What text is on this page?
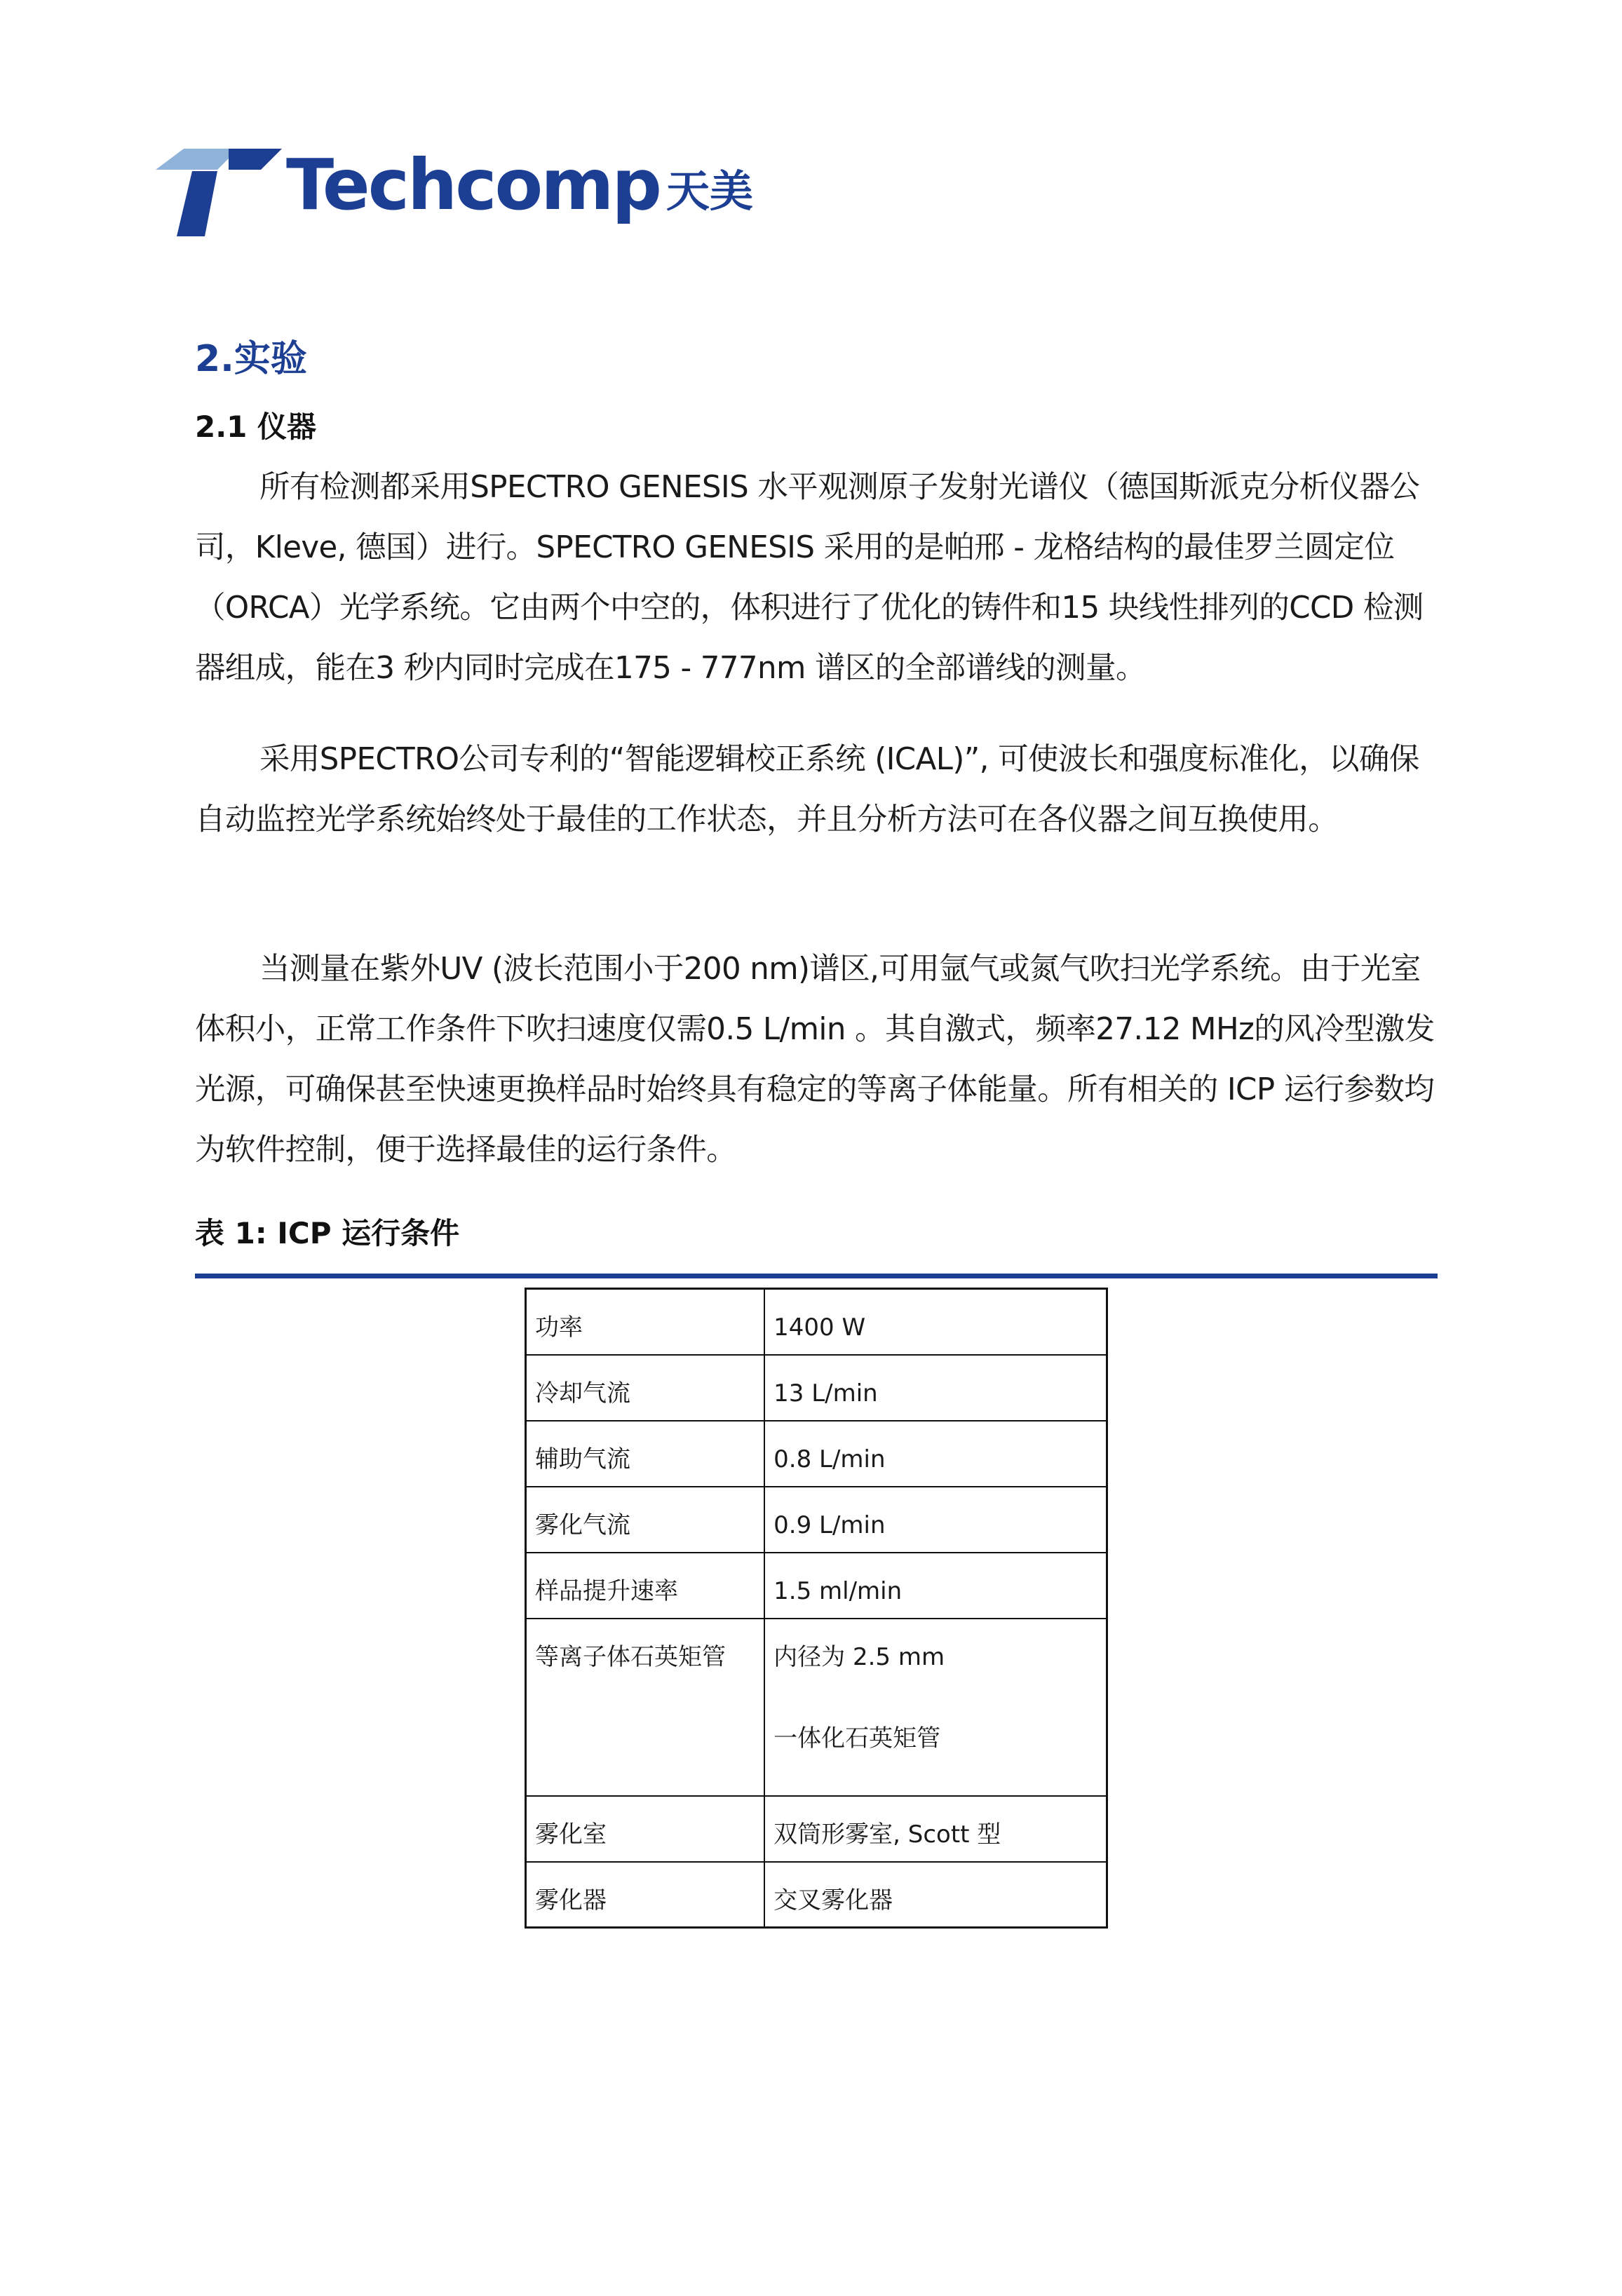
Techcomp 天美
2.实验
2.1 仪器

所有检测都采用SPECTRO GENESIS 水平观测原子发射光谱仪（德国斯派克分析仪器公司，Kleve, 德国）进行。SPECTRO GENESIS 采用的是帕邢 - 龙格结构的最佳罗兰圆定位（ORCA）光学系统。它由两个中空的，体积进行了优化的铸件和15 块线性排列的CCD 检测器组成，能在3 秒内同时完成在175 - 777nm 谱区的全部谱线的测量。

采用SPECTRO公司专利的“智能逻辑校正系统 (ICAL)”, 可使波长和强度标准化，以确保自动监控光学系统始终处于最佳的工作状态，并且分析方法可在各仪器之间互换使用。

当测量在紫外UV (波长范围小于200 nm)谱区,可用氩气或氮气吹扫光学系统。由于光室体积小，正常工作条件下吹扫速度仅需0.5 L/min 。其自激式，频率27.12 MHz的风冷型激发光源，可确保甚至快速更换样品时始终具有稳定的等离子体能量。所有相关的 ICP 运行参数均为软件控制，便于选择最佳的运行条件。

表 1: ICP 运行条件
功率	1400 W
冷却气流	13 L/min
辅助气流	0.8 L/min
雾化气流	0.9 L/min
样品提升速率	1.5 ml/min
等离子体石英矩管	内径为 2.5 mm
一体化石英矩管

雾化室	双筒形雾室, Scott 型
雾化器	交叉雾化器
